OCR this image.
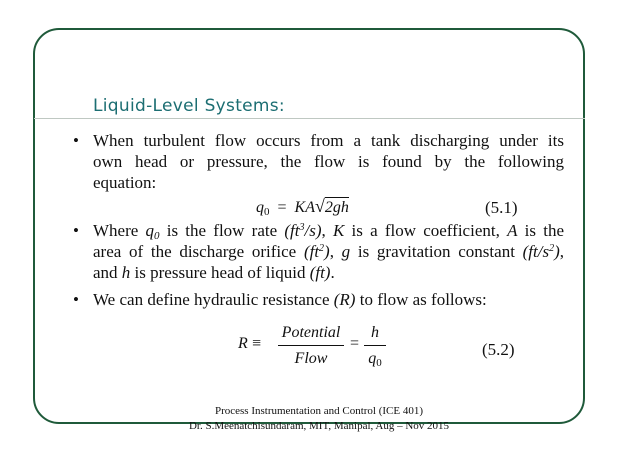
Liquid-Level Systems:
• When turbulent flow occurs from a tank discharging under its
own head or pressure, the flow is found by the following
equation:
$q_0 = KA√2gh$	(5.1)
• Where $q_0$ is the flow rate $(ft^3/s)$, K is a flow coefficient, A is the
area of the discharge orifice $(ft^2)$, g is gravitation constant $(ft/s^2)$,
and h is pressure head of liquid (ft).
• We can define hydraulic resistance (R) to flow as follows:
R ≡
Potential
Flow
=
h
$q_0$
(5.2)
Process Instrumentation and Control (ICE 401)
Dr. S.Meenatchisundaram, MIT, Manipal, Aug – Nov 2015
